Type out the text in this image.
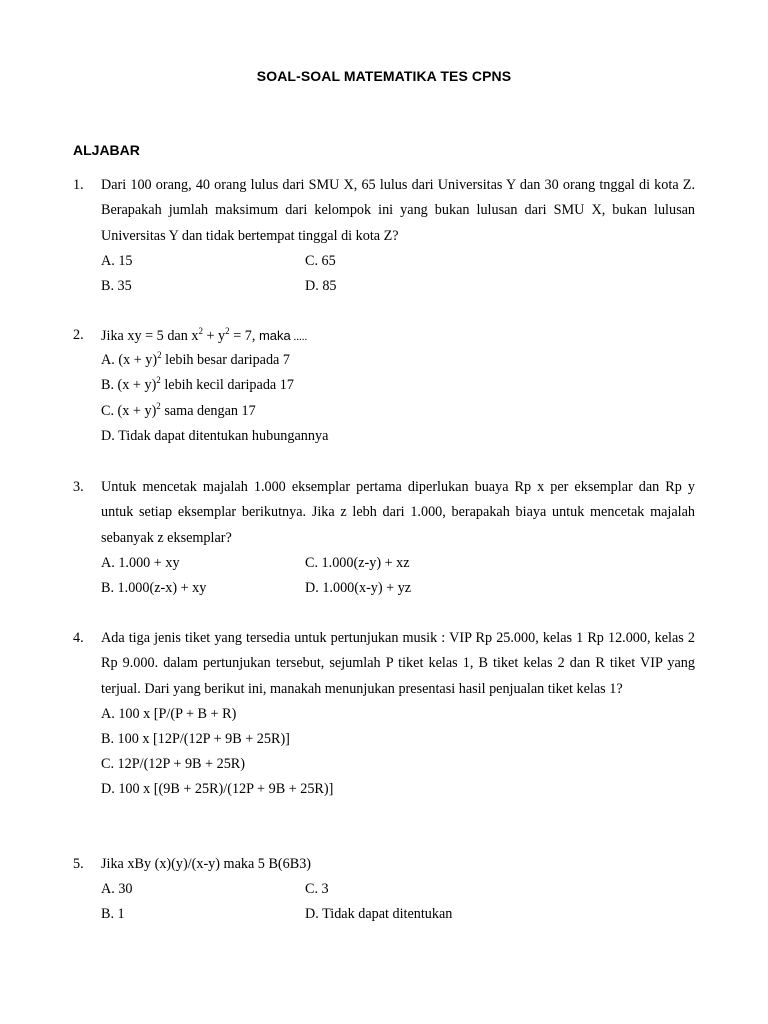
SOAL-SOAL MATEMATIKA TES CPNS
ALJABAR
1. Dari 100 orang, 40 orang lulus dari SMU X, 65 lulus dari Universitas Y dan 30 orang tnggal di kota Z. Berapakah jumlah maksimum dari kelompok ini yang bukan lulusan dari SMU X, bukan lulusan Universitas Y dan tidak bertempat tinggal di kota Z?

A. 15	C. 65
B. 35	D. 85
2. Jika xy = 5 dan $x^2 + y^2 = 7$, maka .....
A. $(x + y)^2$ lebih besar daripada 7
B. $(x + y)^2$ lebih kecil daripada 17
C. $(x + y)^2$ sama dengan 17
D. Tidak dapat ditentukan hubungannya
3. Untuk mencetak majalah 1.000 eksemplar pertama diperlukan buaya Rp x per eksemplar dan Rp y untuk setiap eksemplar berikutnya. Jika z lebh dari 1.000, berapakah biaya untuk mencetak majalah sebanyak z eksemplar?

A. 1.000 + xy	C. 1.000(z-y) + xz
B. 1.000(z-x) + xy	D. 1.000(x-y) + yz
4. Ada tiga jenis tiket yang tersedia untuk pertunjukan musik : VIP Rp 25.000, kelas 1 Rp 12.000, kelas 2 Rp 9.000. dalam pertunjukan tersebut, sejumlah P tiket kelas 1, B tiket kelas 2 dan R tiket VIP yang terjual. Dari yang berikut ini, manakah menunjukan presentasi hasil penjualan tiket kelas 1?

A. 100 x [P/(P + B + R)
B. 100 x [12P/(12P + 9B + 25R)]
C. 12P/(12P + 9B + 25R)
D. 100 x [(9B + 25R)/(12P + 9B + 25R)]
5. Jika xBy (x)(y)/(x-y) maka 5 B(6B3)

A. 30	C. 3
B. 1	D. Tidak dapat ditentukan
